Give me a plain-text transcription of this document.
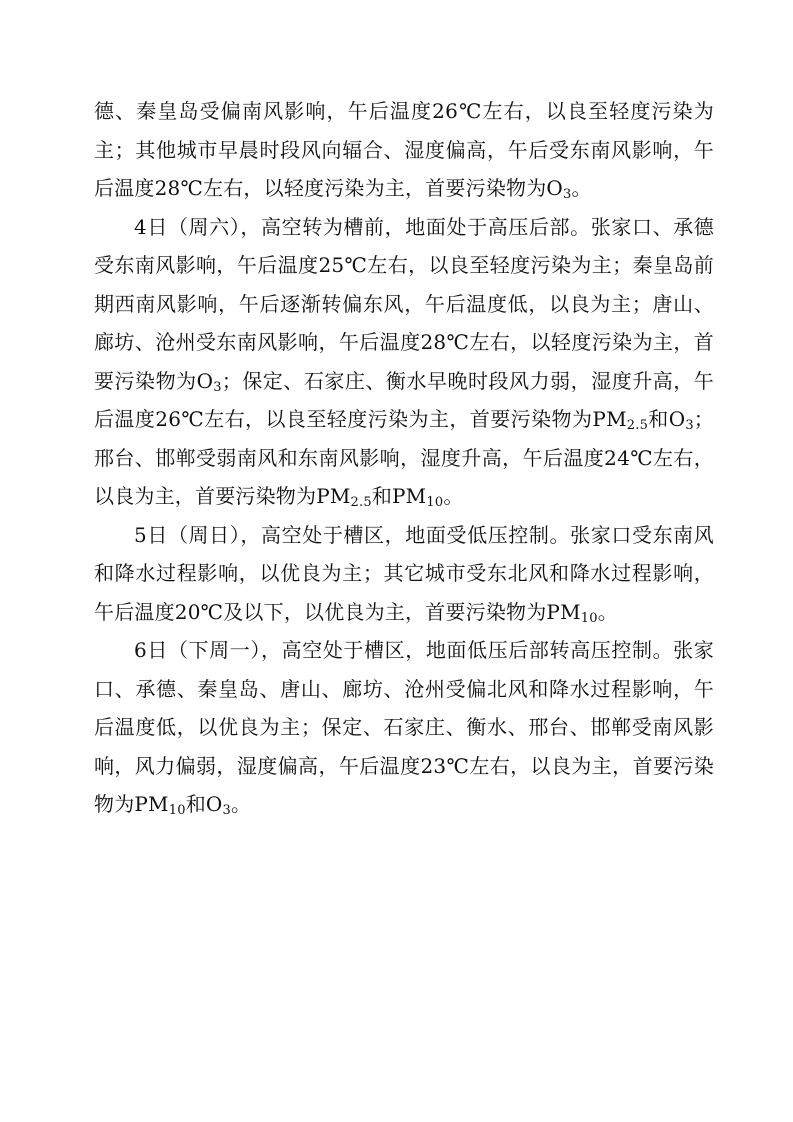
德、秦皇岛受偏南风影响，午后温度26℃左右，以良至轻度污染为主；其他城市早晨时段风向辐合、湿度偏高，午后受东南风影响，午后温度28℃左右，以轻度污染为主，首要污染物为$O_3$。

4日（周六），高空转为槽前，地面处于高压后部。张家口、承德受东南风影响，午后温度25℃左右，以良至轻度污染为主；秦皇岛前期西南风影响，午后逐渐转偏东风，午后温度低，以良为主；唐山、廊坊、沧州受东南风影响，午后温度28℃左右，以轻度污染为主，首要污染物为$O_3$；保定、石家庄、衡水早晚时段风力弱，湿度升高，午后温度26℃左右，以良至轻度污染为主，首要污染物为$PM_{2.5}$和$O_3$；邢台、邯郸受弱南风和东南风影响，湿度升高，午后温度24℃左右，以良为主，首要污染物为$PM_{2.5}$和$PM_{10}$。

5日（周日），高空处于槽区，地面受低压控制。张家口受东南风和降水过程影响，以优良为主；其它城市受东北风和降水过程影响，午后温度20℃及以下，以优良为主，首要污染物为$PM_{10}$。

6日（下周一），高空处于槽区，地面低压后部转高压控制。张家口、承德、秦皇岛、唐山、廊坊、沧州受偏北风和降水过程影响，午后温度低，以优良为主；保定、石家庄、衡水、邢台、邯郸受南风影响，风力偏弱，湿度偏高，午后温度23℃左右，以良为主，首要污染物为$PM_{10}$和$O_3$。
